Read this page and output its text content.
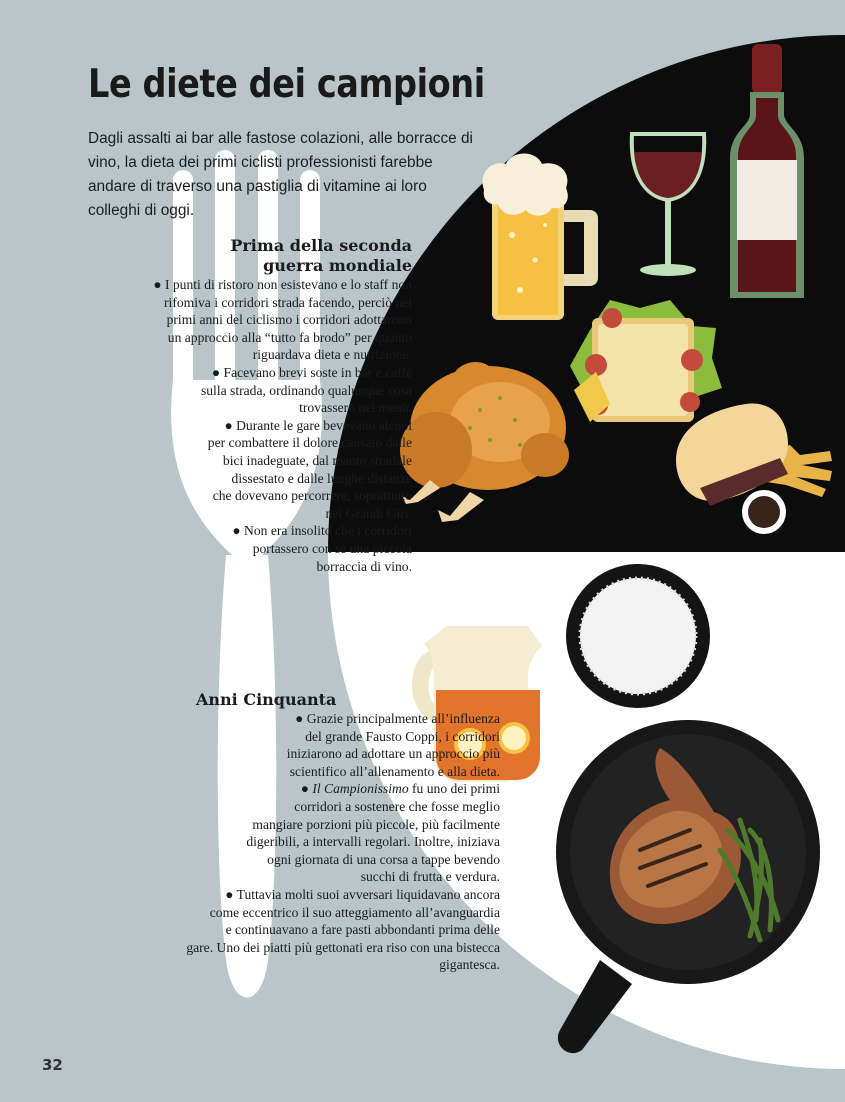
Le diete dei campioni
Dagli assalti ai bar alle fastose colazioni, alle borracce di
vino, la dieta dei primi ciclisti professionisti farebbe
andare di traverso una pastiglia di vitamine ai loro
colleghi di oggi.
Prima della seconda
guerra mondiale
● I punti di ristoro non esistevano e lo staff non
rifomiva i corridori strada facendo, perciò nei
primi anni del ciclismo i corridori adottarono
un approccio alla “tutto fa brodo” per quanto
riguardava dieta e nutrizione.
● Facevano brevi soste in bar e caffè
sulla strada, ordinando qualunque cosa
trovassero nel menù.
● Durante le gare bevevano alcool
per combattere il dolore causato dalle
bici inadeguate, dal manto stradale
dissestato e dalle lunghe distanze
che dovevano percorrere, soprattutto
nei Grandi Giri.
● Non era insolito che i corridori
portassero con sé una piccola
borraccia di vino.
Anni Cinquanta
● Grazie principalmente all’influenza
del grande Fausto Coppi, i corridori
iniziarono ad adottare un approccio più
scientifico all’allenamento e alla dieta.
● Il Campionissimo fu uno dei primi
corridori a sostenere che fosse meglio
mangiare porzioni più piccole, più facilmente
digeribili, a intervalli regolari. Inoltre, iniziava
ogni giornata di una corsa a tappe bevendo
succhi di frutta e verdura.
● Tuttavia molti suoi avversari liquidavano ancora
come eccentrico il suo atteggiamento all’avanguardia
e continuavano a fare pasti abbondanti prima delle
gare. Uno dei piatti più gettonati era riso con una bistecca
gigantesca.
32
